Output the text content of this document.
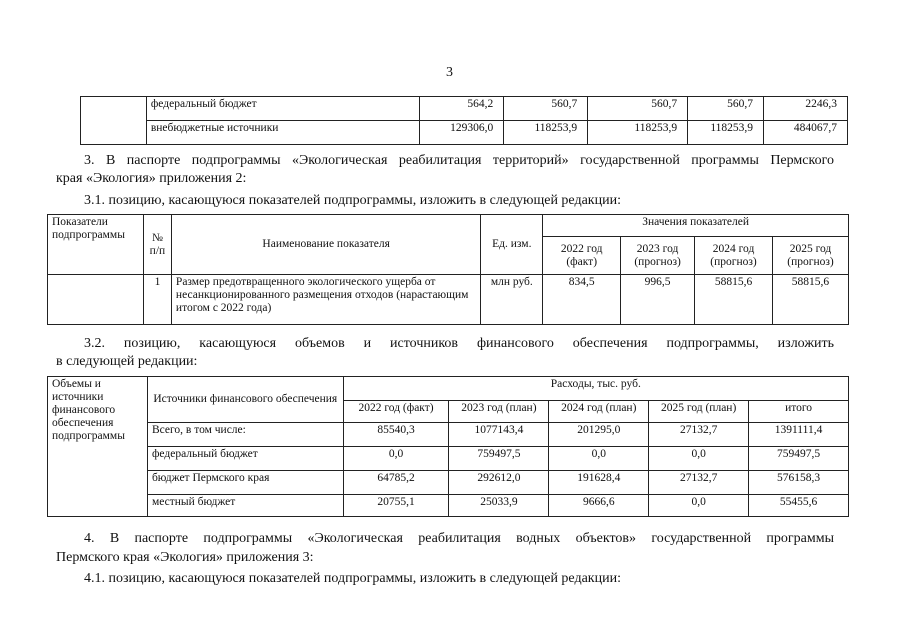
3
	федеральный бюджет	564,2	560,7	560,7	560,7	2246,3
	внебюджетные источники	129306,0	118253,9	118253,9	118253,9	484067,7
3. В паспорте подпрограммы «Экологическая реабилитация территорий» государственной программы Пермского
края «Экология» приложения 2:
3.1. позицию, касающуюся показателей подпрограммы, изложить в следующей редакции:
Показатели подпрограммы	№ п/п	Наименование показателя	Ед. изм.	Значения показателей			
				2022 год (факт)	2023 год (прогноз)	2024 год (прогноз)	2025 год (прогноз)
	1	Размер предотвращенного экологического ущерба от несанкционированного размещения отходов (нарастающим итогом с 2022 года)	млн руб.	834,5	996,5	58815,6	58815,6
3.2. позицию, касающуюся объемов и источников финансового обеспечения подпрограммы, изложить
в следующей редакции:
Объемы и источники финансового обеспечения подпрограммы	Источники финансового обеспечения	Расходы, тыс. руб.				
		2022 год (факт)	2023 год (план)	2024 год (план)	2025 год (план)	итого
	Всего, в том числе:	85540,3	1077143,4	201295,0	27132,7	1391111,4
	федеральный бюджет	0,0	759497,5	0,0	0,0	759497,5
	бюджет Пермского края	64785,2	292612,0	191628,4	27132,7	576158,3
	местный бюджет	20755,1	25033,9	9666,6	0,0	55455,6
4. В паспорте подпрограммы «Экологическая реабилитация водных объектов» государственной программы
Пермского края «Экология» приложения 3:
4.1. позицию, касающуюся показателей подпрограммы, изложить в следующей редакции:
